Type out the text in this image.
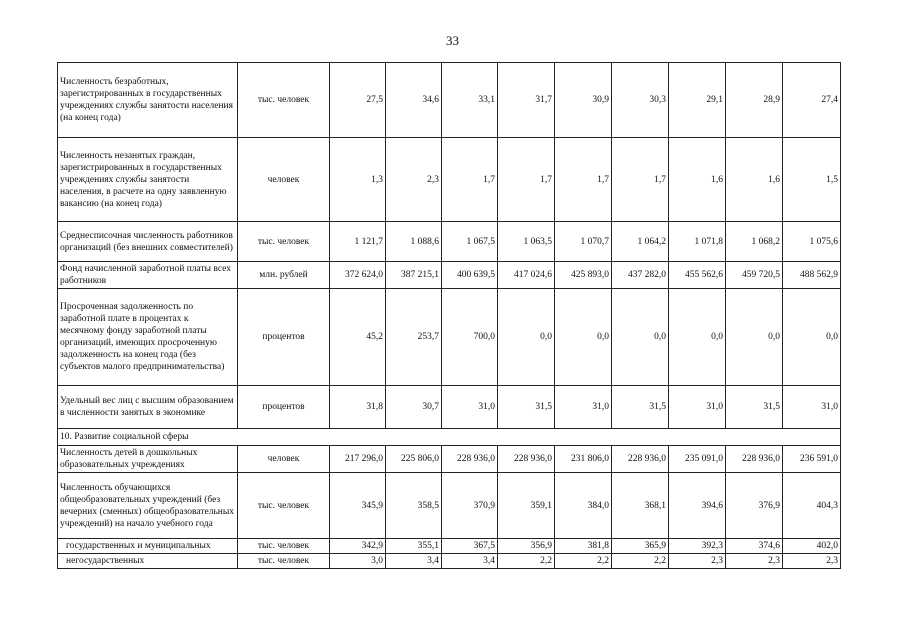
33
Численность безработных, зарегистрированных в государственных учреждениях службы занятости населения (на конец года)	тыс. человек	27,5	34,6	33,1	31,7	30,9	30,3	29,1	28,9	27,4
Численность незанятых граждан, зарегистрированных в государственных учреждениях службы занятости населения, в расчете на одну заявленную вакансию (на конец года)	человек	1,3	2,3	1,7	1,7	1,7	1,7	1,6	1,6	1,5
Среднесписочная численность работников организаций (без внешних совместителей)	тыс. человек	1 121,7	1 088,6	1 067,5	1 063,5	1 070,7	1 064,2	1 071,8	1 068,2	1 075,6
Фонд начисленной заработной платы всех работников	млн. рублей	372 624,0	387 215,1	400 639,5	417 024,6	425 893,0	437 282,0	455 562,6	459 720,5	488 562,9
Просроченная задолженность по заработной плате в процентах к месячному фонду заработной платы организаций, имеющих просроченную задолженность на конец года (без субъектов малого предпринимательства)	процентов	45,2	253,7	700,0	0,0	0,0	0,0	0,0	0,0	0,0
Удельный вес лиц с высшим образованием в численности занятых в экономике	процентов	31,8	30,7	31,0	31,5	31,0	31,5	31,0	31,5	31,0
10. Развитие социальной сферы										
Численность детей в дошкольных образовательных учреждениях	человек	217 296,0	225 806,0	228 936,0	228 936,0	231 806,0	228 936,0	235 091,0	228 936,0	236 591,0
Численность обучающихся общеобразовательных учреждений (без вечерних (сменных) общеобразовательных учреждений) на начало учебного года	тыс. человек	345,9	358,5	370,9	359,1	384,0	368,1	394,6	376,9	404,3
государственных и муниципальных	тыс. человек	342,9	355,1	367,5	356,9	381,8	365,9	392,3	374,6	402,0
негосударственных	тыс. человек	3,0	3,4	3,4	2,2	2,2	2,2	2,3	2,3	2,3
